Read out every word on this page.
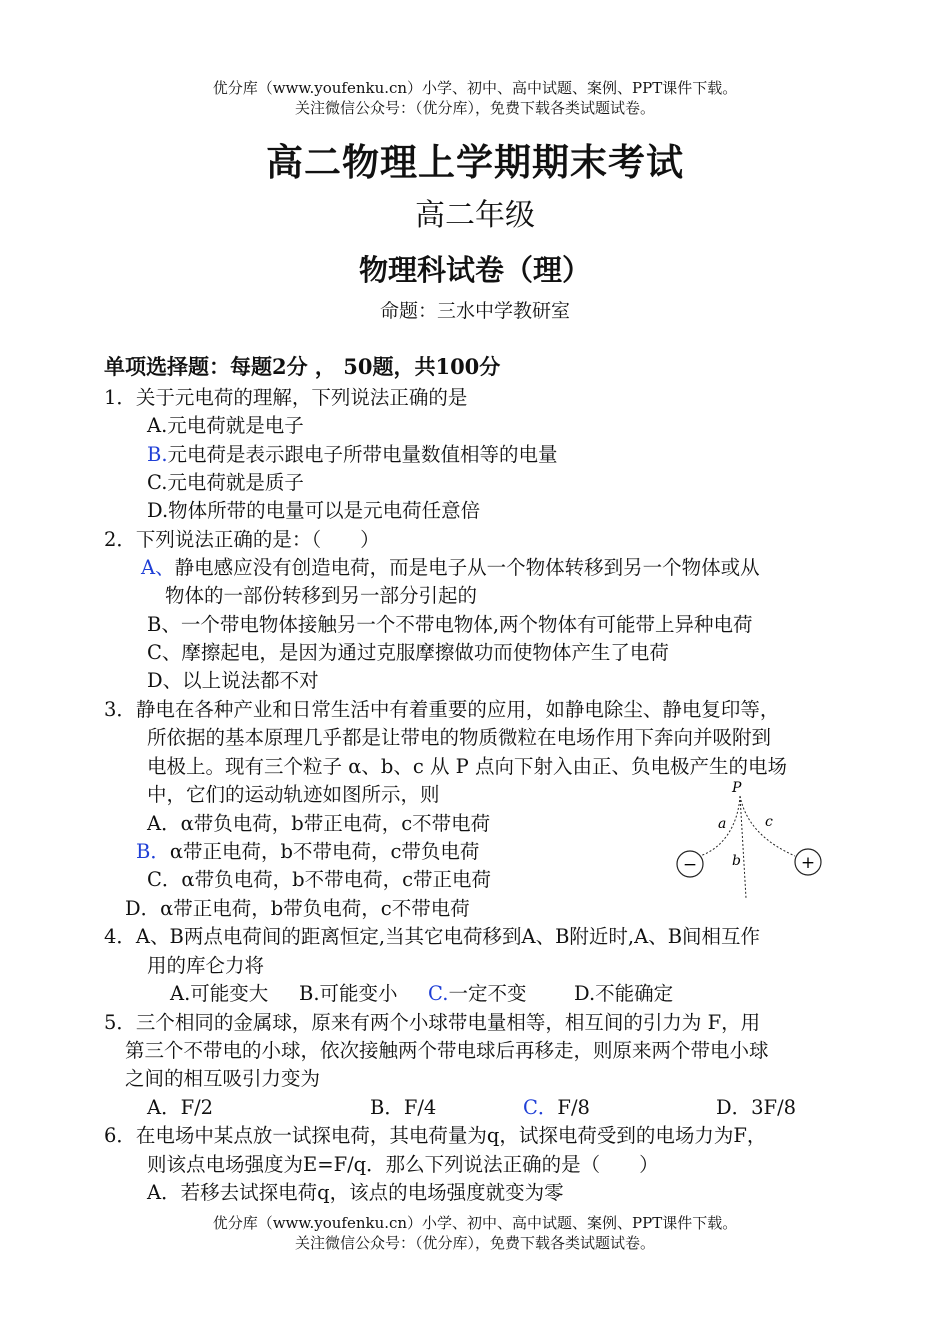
优分库（www.youfenku.cn）小学、初中、高中试题、案例、PPT课件下载。
关注微信公众号：（优分库），免费下载各类试题试卷。
高二物理上学期期末考试
高二年级
物理科试卷（理）
命题：三水中学教研室
单项选择题：每题2分 ， 50题，共100分
1．关于元电荷的理解，下列说法正确的是
A.元电荷就是电子
B.元电荷是表示跟电子所带电量数值相等的电量
C.元电荷就是质子
D.物体所带的电量可以是元电荷任意倍
2．下列说法正确的是：（　　）
A、静电感应没有创造电荷，而是电子从一个物体转移到另一个物体或从
物体的一部份转移到另一部分引起的
B、一个带电物体接触另一个不带电物体,两个物体有可能带上异种电荷
C、摩擦起电，是因为通过克服摩擦做功而使物体产生了电荷
D、以上说法都不对
3．静电在各种产业和日常生活中有着重要的应用，如静电除尘、静电复印等，
所依据的基本原理几乎都是让带电的物质微粒在电场作用下奔向并吸附到
电极上。现有三个粒子 α、b、c 从 P 点向下射入由正、负电极产生的电场
中，它们的运动轨迹如图所示，则
A．α带负电荷，b带正电荷，c不带电荷
B．α带正电荷，b不带电荷，c带负电荷
C．α带负电荷，b不带电荷，c带正电荷
D．α带正电荷，b带负电荷，c不带电荷
P
a	c
b
−	+
4．A、B两点电荷间的距离恒定,当其它电荷移到A、B附近时,A、B间相互作
用的库仑力将
A.可能变大 B.可能变小 C.一定不变 D.不能确定
5．三个相同的金属球，原来有两个小球带电量相等，相互间的引力为 F，用
第三个不带电的小球，依次接触两个带电球后再移走，则原来两个带电小球
之间的相互吸引力变为
A．F/2	B．F/4	C．F/8	D．3F/8
6．在电场中某点放一试探电荷，其电荷量为q，试探电荷受到的电场力为F，
则该点电场强度为E=F/q．那么下列说法正确的是（　　）
A．若移去试探电荷q，该点的电场强度就变为零
优分库（www.youfenku.cn）小学、初中、高中试题、案例、PPT课件下载。
关注微信公众号：（优分库），免费下载各类试题试卷。
